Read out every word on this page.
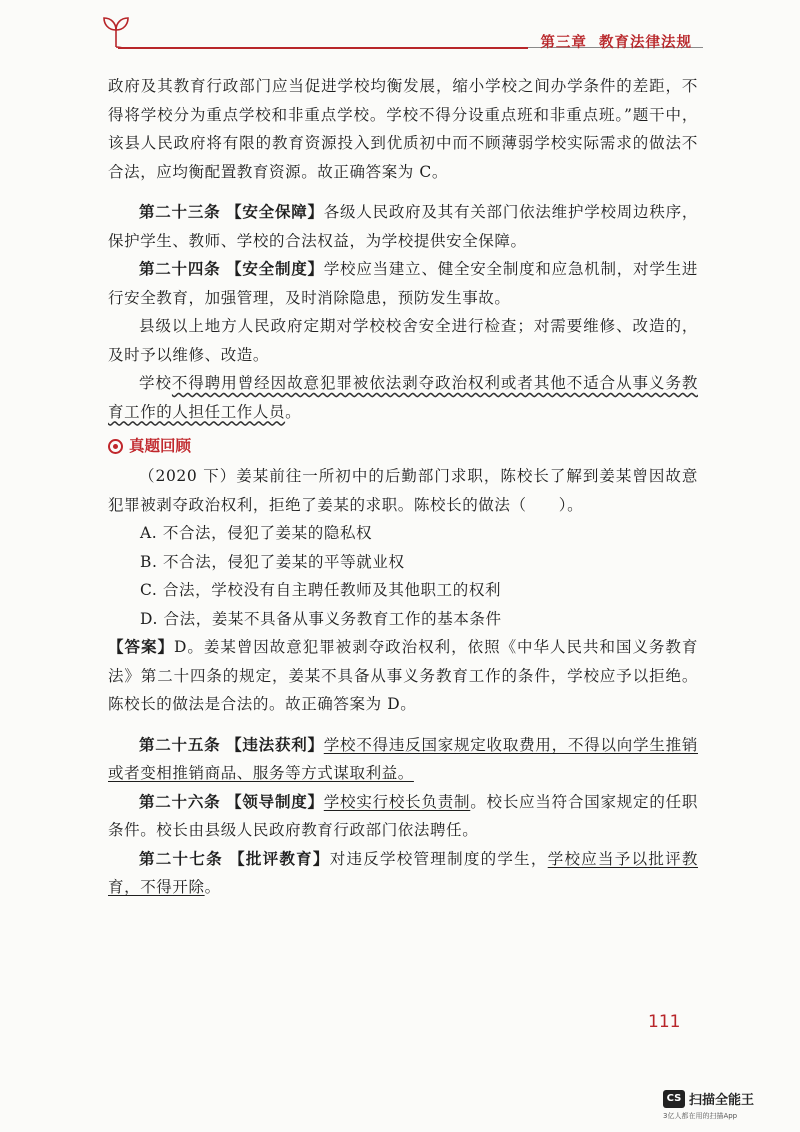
第三章 教育法律法规

政府及其教育行政部门应当促进学校均衡发展，缩小学校之间办学条件的差距，不得将学校分为重点学校和非重点学校。学校不得分设重点班和非重点班。”题干中，该县人民政府将有限的教育资源投入到优质初中而不顾薄弱学校实际需求的做法不合法，应均衡配置教育资源。故正确答案为 C。

第二十三条 【安全保障】各级人民政府及其有关部门依法维护学校周边秩序，保护学生、教师、学校的合法权益，为学校提供安全保障。

第二十四条 【安全制度】学校应当建立、健全安全制度和应急机制，对学生进行安全教育，加强管理，及时消除隐患，预防发生事故。

县级以上地方人民政府定期对学校校舍安全进行检查；对需要维修、改造的，及时予以维修、改造。

学校不得聘用曾经因故意犯罪被依法剥夺政治权利或者其他不适合从事义务教育工作的人担任工作人员。

真题回顾

（2020 下）姜某前往一所初中的后勤部门求职，陈校长了解到姜某曾因故意犯罪被剥夺政治权利，拒绝了姜某的求职。陈校长的做法（　　）。

A. 不合法，侵犯了姜某的隐私权

B. 不合法，侵犯了姜某的平等就业权

C. 合法，学校没有自主聘任教师及其他职工的权利

D. 合法，姜某不具备从事义务教育工作的基本条件

【答案】D。姜某曾因故意犯罪被剥夺政治权利，依照《中华人民共和国义务教育法》第二十四条的规定，姜某不具备从事义务教育工作的条件，学校应予以拒绝。陈校长的做法是合法的。故正确答案为 D。

第二十五条 【违法获利】学校不得违反国家规定收取费用，不得以向学生推销或者变相推销商品、服务等方式谋取利益。

第二十六条 【领导制度】学校实行校长负责制。校长应当符合国家规定的任职条件。校长由县级人民政府教育行政部门依法聘任。

第二十七条 【批评教育】对违反学校管理制度的学生，学校应当予以批评教育，不得开除。

111
CS 扫描全能王
3亿人都在用的扫描App
